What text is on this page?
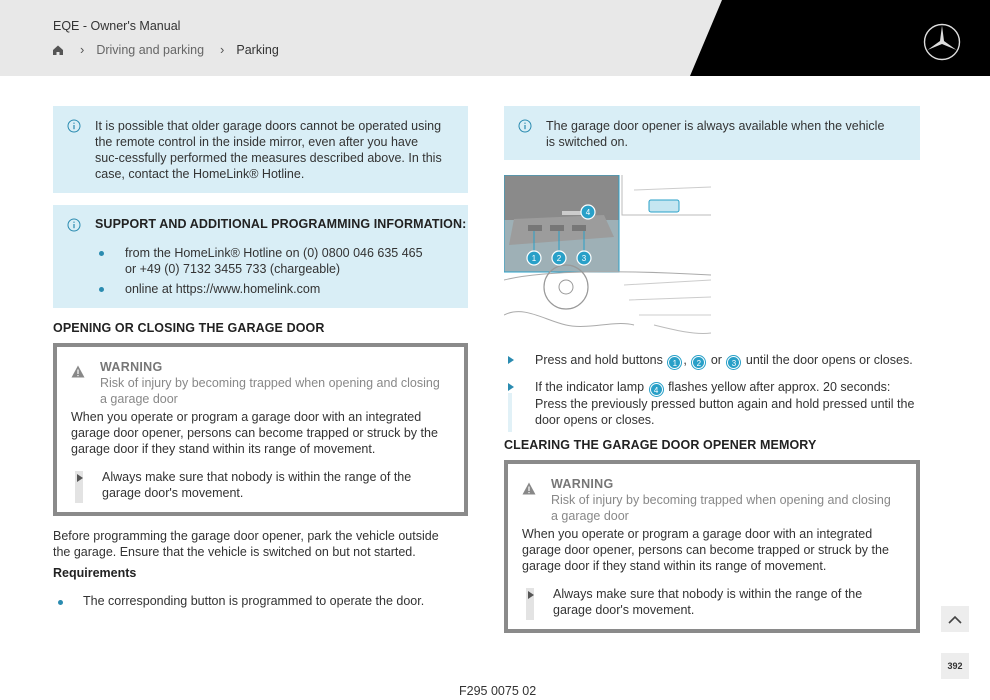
EQE - Owner's Manual
› Driving and parking › Parking

It is possible that older garage doors cannot be operated using the remote control in the inside mirror, even after you have suc-cessfully performed the measures described above. In this case, contact the HomeLink® Hotline.

SUPPORT AND ADDITIONAL PROGRAMMING INFORMATION:
from the HomeLink® Hotline on (0) 0800 046 635 465 or +49 (0) 7132 3455 733 (chargeable)
online at https://www.homelink.com
OPENING OR CLOSING THE GARAGE DOOR
WARNING
Risk of injury by becoming trapped when opening and closing a garage door
When you operate or program a garage door with an integrated garage door opener, persons can become trapped or struck by the garage door if they stand within its range of movement.
Always make sure that nobody is within the range of the garage door's movement.
Before programming the garage door opener, park the vehicle outside the garage. Ensure that the vehicle is switched on but not started.
Requirements
The corresponding button is programmed to operate the door.

The garage door opener is always available when the vehicle is switched on.

1	2	3
4
Press and hold buttons 1 , 2 or 3 until the door opens or closes.
If the indicator lamp 4 flashes yellow after approx. 20 seconds: Press the previously pressed button again and hold pressed until the door opens or closes.
CLEARING THE GARAGE DOOR OPENER MEMORY
WARNING
Risk of injury by becoming trapped when opening and closing a garage door
When you operate or program a garage door with an integrated garage door opener, persons can become trapped or struck by the garage door if they stand within its range of movement.
Always make sure that nobody is within the range of the garage door's movement.
392
F295 0075 02
